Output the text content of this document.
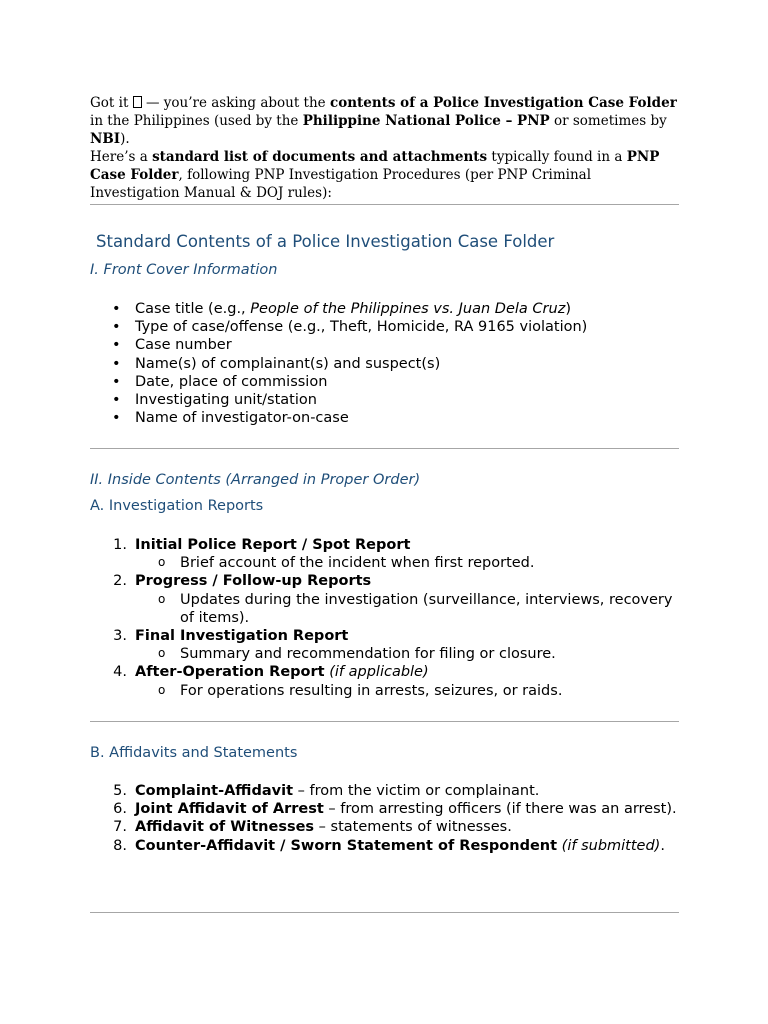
Got it  — you’re asking about the contents of a Police Investigation Case Folder in the Philippines (used by the Philippine National Police – PNP or sometimes by NBI).
Here’s a standard list of documents and attachments typically found in a PNP Case Folder, following PNP Investigation Procedures (per PNP Criminal Investigation Manual & DOJ rules):
Standard Contents of a Police Investigation Case Folder
I. Front Cover Information
• Case title (e.g., People of the Philippines vs. Juan Dela Cruz)
• Type of case/offense (e.g., Theft, Homicide, RA 9165 violation)
• Case number
• Name(s) of complainant(s) and suspect(s)
• Date, place of commission
• Investigating unit/station
• Name of investigator-on-case
II. Inside Contents (Arranged in Proper Order)
A. Investigation Reports
1. Initial Police Report / Spot Report
o Brief account of the incident when first reported.
2. Progress / Follow-up Reports
o Updates during the investigation (surveillance, interviews, recovery of items).
3. Final Investigation Report
o Summary and recommendation for filing or closure.
4. After-Operation Report (if applicable)
o For operations resulting in arrests, seizures, or raids.
B. Affidavits and Statements
5. Complaint-Affidavit – from the victim or complainant.
6. Joint Affidavit of Arrest – from arresting officers (if there was an arrest).
7. Affidavit of Witnesses – statements of witnesses.
8. Counter-Affidavit / Sworn Statement of Respondent (if submitted).
